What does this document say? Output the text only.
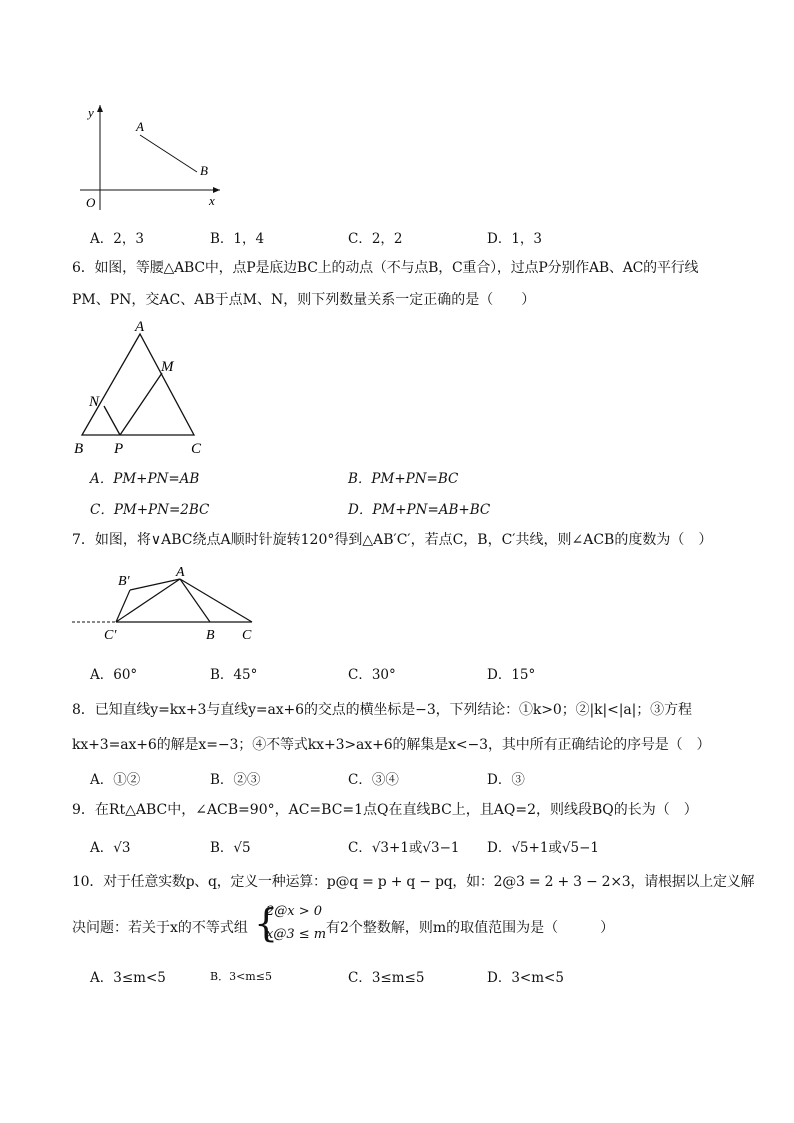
y
x
O
A
B
A．2，3	B．1，4	C．2，2	D．1，3
6．如图，等腰△ABC中，点P是底边BC上的动点（不与点B，C重合），过点P分别作AB、AC的平行线
PM、PN，交AC、AB于点M、N，则下列数量关系一定正确的是（　　）
A
B	C
M
N
P
A．PM+PN=AB	B．PM+PN=BC
C．PM+PN=2BC	D．PM+PN=AB+BC
7．如图，将∨ABC绕点A顺时针旋转120°得到△AB′C′，若点C，B，C′共线，则∠ACB的度数为（　）
B′
A
C′	B C
A．60°	B．45°	C．30°	D．15°
8．已知直线y=kx+3与直线y=ax+6的交点的横坐标是−3，下列结论：①k>0；②|k|<|a|；③方程
kx+3=ax+6的解是x=−3；④不等式kx+3>ax+6的解集是x<−3，其中所有正确结论的序号是（　）
A．①②	B．②③	C．③④	D．③
9．在Rt△ABC中，∠ACB=90°，AC=BC=1点Q在直线BC上，且AQ=2，则线段BQ的长为（　）
A．√3	B．√5	C．√3+1或√3−1 D．√5+1或√5−1
10．对于任意实数p、q，定义一种运算：p@q = p + q − pq，如：2@3 = 2 + 3 − 2×3，请根据以上定义解
决问题：若关于x的不等式组 {
2@x > 0
x@3 ≤ m 有2个整数解，则m的取值范围为是（　　　）
A．3≤m<5	B．3<m≤5	C．3≤m≤5	D．3<m<5
